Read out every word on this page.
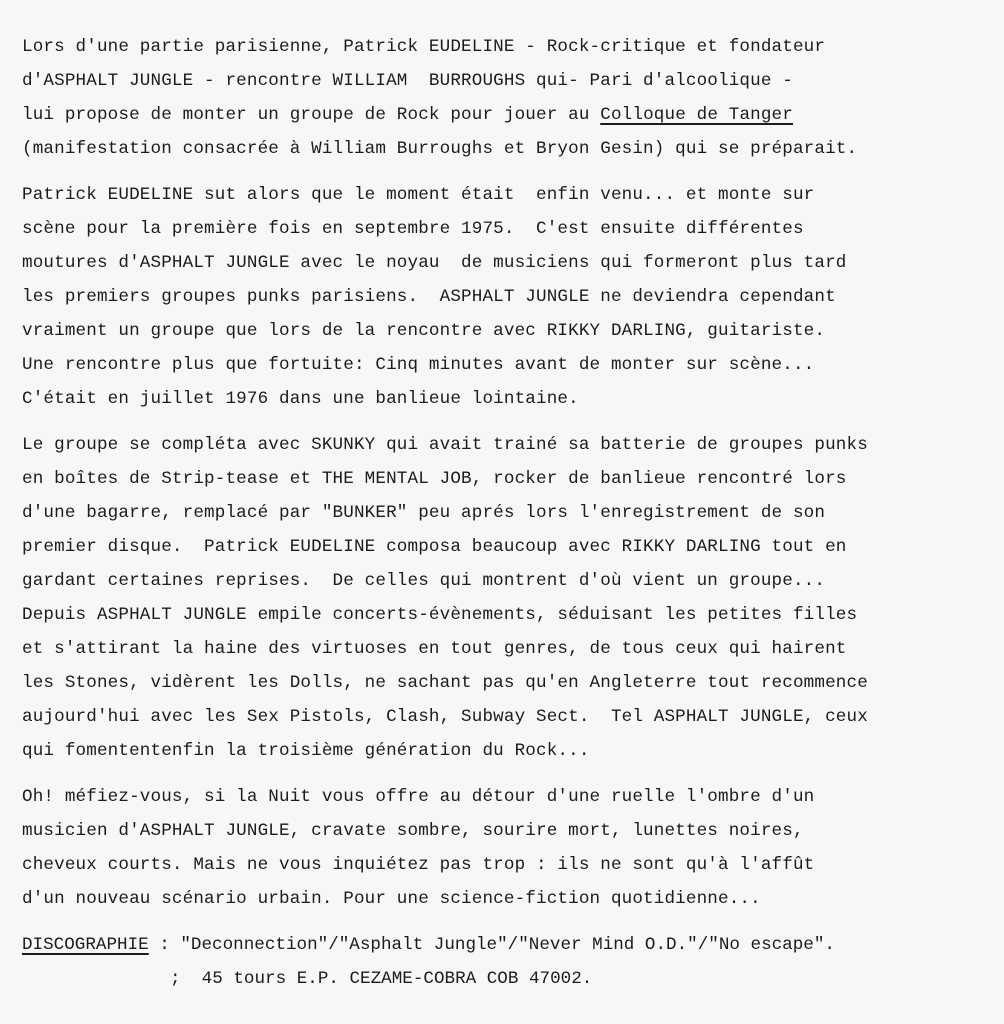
Lors d'une partie parisienne, Patrick EUDELINE - Rock-critique et fondateur
d'ASPHALT JUNGLE - rencontre WILLIAM  BURROUGHS qui- Pari d'alcoolique -
lui propose de monter un groupe de Rock pour jouer au Colloque de Tanger
(manifestation consacrée à William Burroughs et Bryon Gesin) qui se préparait.
Patrick EUDELINE sut alors que le moment était  enfin venu... et monte sur
scène pour la première fois en septembre 1975.  C'est ensuite différentes
moutures d'ASPHALT JUNGLE avec le noyau  de musiciens qui formeront plus tard
les premiers groupes punks parisiens.  ASPHALT JUNGLE ne deviendra cependant
vraiment un groupe que lors de la rencontre avec RIKKY DARLING, guitariste.
Une rencontre plus que fortuite: Cinq minutes avant de monter sur scène...
C'était en juillet 1976 dans une banlieue lointaine.
Le groupe se compléta avec SKUNKY qui avait trainé sa batterie de groupes punks
en boîtes de Strip-tease et THE MENTAL JOB, rocker de banlieue rencontré lors
d'une bagarre, remplacé par "BUNKER" peu aprés lors l'enregistrement de son
premier disque.  Patrick EUDELINE composa beaucoup avec RIKKY DARLING tout en
gardant certaines reprises.  De celles qui montrent d'où vient un groupe...
Depuis ASPHALT JUNGLE empile concerts-évènements, séduisant les petites filles
et s'attirant la haine des virtuoses en tout genres, de tous ceux qui hairent
les Stones, vidèrent les Dolls, ne sachant pas qu'en Angleterre tout recommence
aujourd'hui avec les Sex Pistols, Clash, Subway Sect.  Tel ASPHALT JUNGLE, ceux
qui fomententenfin la troisième génération du Rock...
Oh! méfiez-vous, si la Nuit vous offre au détour d'une ruelle l'ombre d'un
musicien d'ASPHALT JUNGLE, cravate sombre, sourire mort, lunettes noires,
cheveux courts. Mais ne vous inquiétez pas trop : ils ne sont qu'à l'affût
d'un nouveau scénario urbain. Pour une science-fiction quotidienne...
DISCOGRAPHIE : "Deconnection"/"Asphalt Jungle"/"Never Mind O.D."/"No escape".
;  45 tours E.P. CEZAME-COBRA COB 47002.
